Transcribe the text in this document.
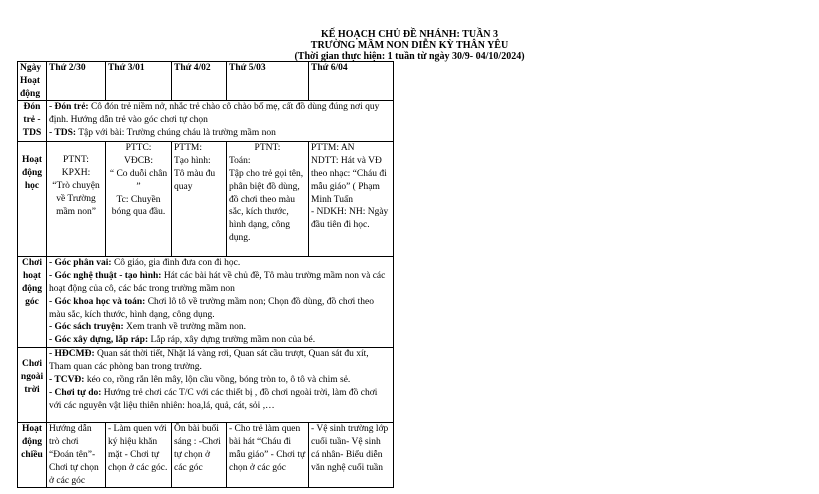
KẾ HOẠCH CHỦ ĐỀ NHÁNH: TUẦN 3
TRƯỜNG MẦM NON DIỄN KỲ THÂN YÊU
(Thời gian thực hiện: 1 tuần từ ngày 30/9- 04/10/2024)
Ngày Hoạt động	Thứ 2/30	Thứ 3/01	Thứ 4/02	Thứ 5/03	Thứ 6/04
Đón trẻ - TDS	- Đón trẻ: Cô đón trẻ niềm nở, nhắc trẻ chào cô chào bố mẹ, cất đồ dùng đúng nơi quy định. Hướng dẫn trẻ vào góc chơi tự chọn
- TDS: Tập với bài: Trường chúng cháu là trường mầm non				

Hoạt động học	PTNT:
KPXH:
“Trò chuyện về Trường mầm non”	PTTC:
VĐCB:
“ Co duỗi chân ”
Tc: Chuyền bóng qua đầu.	PTTM:
Tạo hình:
Tô màu đu quay	PTNT:
Toán:
Tập cho trẻ gọi tên, phân biệt đồ dùng, đồ chơi theo màu sắc, kích thước, hình dạng, công dụng.	PTTM: AN
NDTT: Hát và VĐ theo nhạc: “Cháu đi mẫu giáo” ( Phạm Minh Tuấn
- NDKH: NH: Ngày đầu tiên đi học.

Chơi hoạt động góc	- Góc phân vai: Cô giáo, gia đình đưa con đi học.
- Góc nghệ thuật - tạo hình: Hát các bài hát về chủ đề, Tô màu trường mầm non và các hoạt động của cô, các bác trong trường mầm non
- Góc khoa học và toán: Chơi lô tô về trường mầm non; Chọn đồ dùng, đồ chơi theo màu sắc, kích thước, hình dạng, công dụng.
- Góc sách truyện: Xem tranh về trường mầm non.
- Góc xây dựng, lắp ráp: Lắp ráp, xây dựng trường mầm non của bé.				

Chơi ngoài trời	- HĐCMĐ: Quan sát thời tiết, Nhặt lá vàng rơi, Quan sát cầu trượt, Quan sát đu xít, Tham quan các phòng ban trong trường.
- TCVĐ: kéo co, rồng rắn lên mây, lộn cầu vồng, bóng tròn to, ô tô và chim sẻ.
- Chơi tự do: Hướng trẻ chơi các T/C với các thiết bị , đồ chơi ngoài trời, làm đồ chơi với các nguyên vật liệu thiên nhiên: hoa,lá, quả, cát, sỏi ,…				

Hoạt động chiều	Hướng dẫn trò chơi “Đoán tên”- Chơi tự chọn ở các góc	- Làm quen với ký hiệu khăn mặt - Chơi tự chọn ở các góc.	Ôn bài buổi sáng : -Chơi tự chọn ở các góc	- Cho trẻ làm quen bài hát “Cháu đi mẫu giáo” - Chơi tự chọn ở các góc	- Vệ sinh trường lớp cuối tuần- Vệ sinh cá nhân- Biểu diễn văn nghệ cuối tuần
